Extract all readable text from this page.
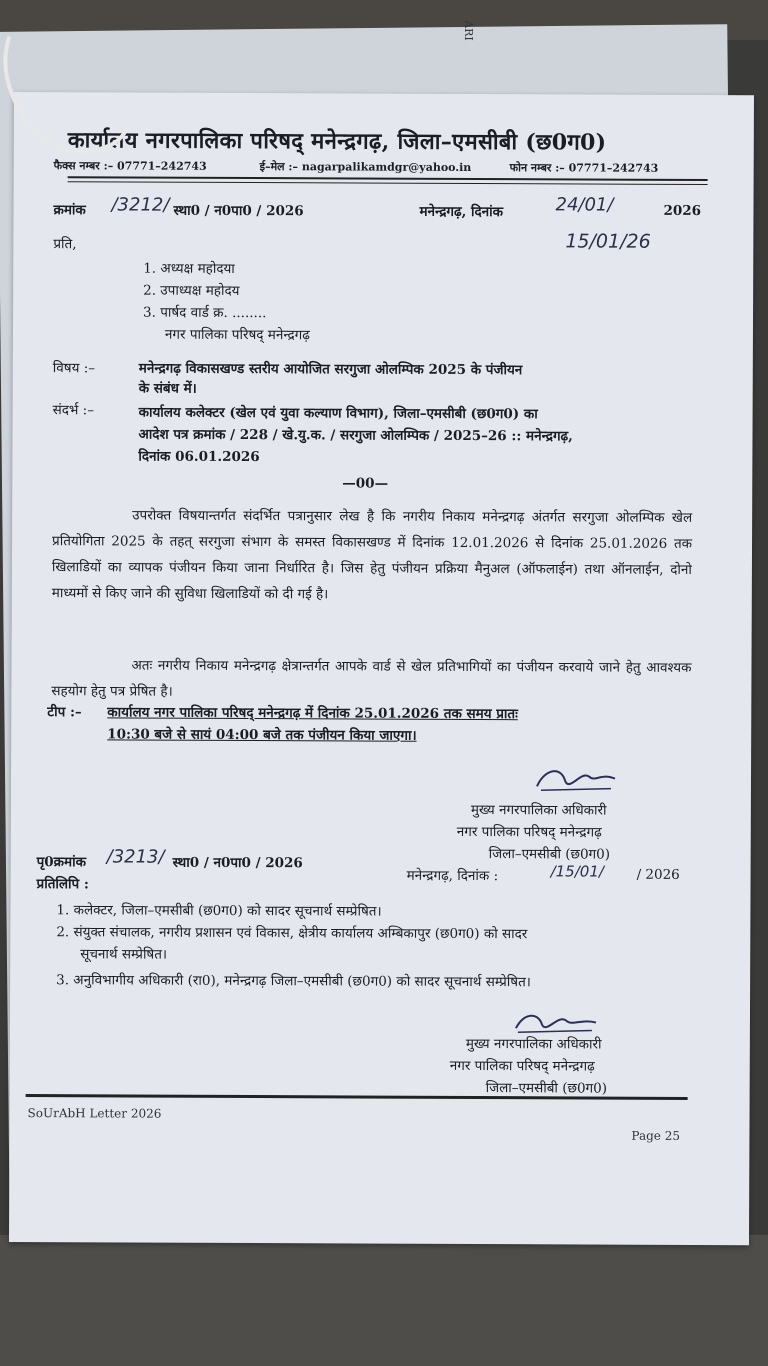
ARI
कार्यालय नगरपालिका परिषद् मनेन्द्रगढ़, जिला–एमसीबी (छ0ग0)
फैक्स नम्बर :– 07771–242743	ई–मेल :– nagarpalikamdgr@yahoo.in	फोन नम्बर :– 07771–242743
क्रमांक /3212/ स्था0 / न0पा0 / 2026	मनेन्द्रगढ़, दिनांक	24/01/	2026
15/01/26
प्रति,
1. अध्यक्ष महोदया
2. उपाध्यक्ष महोदय
3. पार्षद वार्ड क्र. ........
नगर पालिका परिषद् मनेन्द्रगढ़
विषय :–	मनेन्द्रगढ़ विकासखण्ड स्तरीय आयोजित सरगुजा ओलम्पिक 2025 के पंजीयन
के संबंध में।
संदर्भ :–	कार्यालय कलेक्टर (खेल एवं युवा कल्याण विभाग), जिला–एमसीबी (छ0ग0) का
आदेश पत्र क्रमांक / 228 / खे.यु.क. / सरगुजा ओलम्पिक / 2025–26 :: मनेन्द्रगढ़,
दिनांक 06.01.2026
—00—
उपरोक्त विषयान्तर्गत संदर्भित पत्रानुसार लेख है कि नगरीय निकाय मनेन्द्रगढ़ अंतर्गत सरगुजा ओलम्पिक खेल प्रतियोगिता 2025 के तहत् सरगुजा संभाग के समस्त विकासखण्ड में दिनांक 12.01.2026 से दिनांक 25.01.2026 तक खिलाडियों का व्यापक पंजीयन किया जाना निर्धारित है। जिस हेतु पंजीयन प्रक्रिया मैनुअल (ऑफलाईन) तथा ऑनलाईन, दोनो माध्यमों से किए जाने की सुविधा खिलाडियों को दी गई है।
अतः नगरीय निकाय मनेन्द्रगढ़ क्षेत्रान्तर्गत आपके वार्ड से खेल प्रतिभागियों का पंजीयन करवाये जाने हेतु आवश्यक सहयोग हेतु पत्र प्रेषित है।
टीप :– कार्यालय नगर पालिका परिषद् मनेन्द्रगढ़ में दिनांक 25.01.2026 तक समय प्रातः
10:30 बजे से सायं 04:00 बजे तक पंजीयन किया जाएगा।
मुख्य नगरपालिका अधिकारी
नगर पालिका परिषद् मनेन्द्रगढ़
जिला–एमसीबी (छ0ग0)
पृ0क्रमांक /3213/ स्था0 / न0पा0 / 2026
मनेन्द्रगढ़, दिनांक :	/15/01/ / 2026
प्रतिलिपि :
1. कलेक्टर, जिला–एमसीबी (छ0ग0) को सादर सूचनार्थ सम्प्रेषित।
2. संयुक्त संचालक, नगरीय प्रशासन एवं विकास, क्षेत्रीय कार्यालय अम्बिकापुर (छ0ग0) को सादर
सूचनार्थ सम्प्रेषित।
3. अनुविभागीय अधिकारी (रा0), मनेन्द्रगढ़ जिला–एमसीबी (छ0ग0) को सादर सूचनार्थ सम्प्रेषित।
मुख्य नगरपालिका अधिकारी
नगर पालिका परिषद् मनेन्द्रगढ़
जिला–एमसीबी (छ0ग0)
SoUrAbH Letter 2026
Page 25
